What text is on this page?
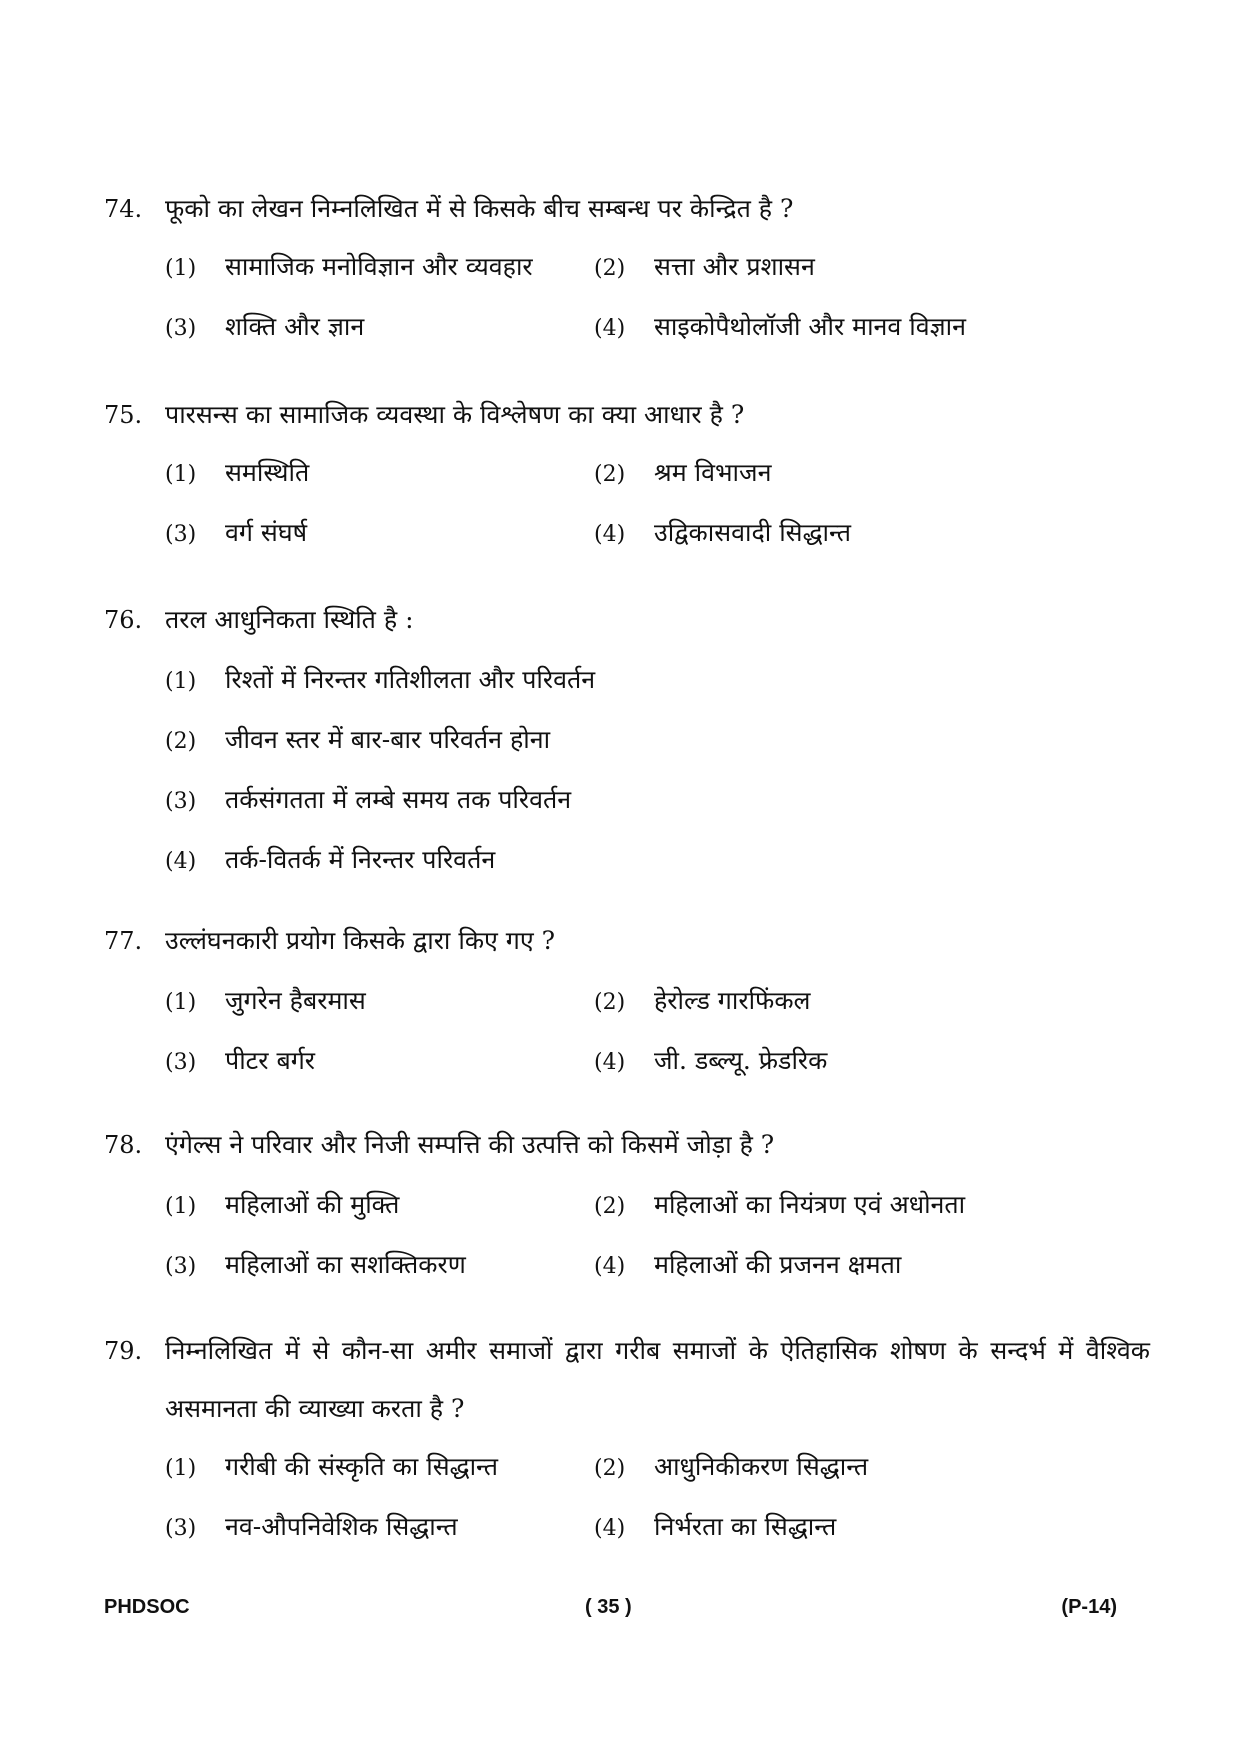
74. फूको का लेखन निम्नलिखित में से किसके बीच सम्बन्ध पर केन्द्रित है ?
(1) सामाजिक मनोविज्ञान और व्यवहार	(2) सत्ता और प्रशासन
(3) शक्ति और ज्ञान	(4) साइकोपैथोलॉजी और मानव विज्ञान
75. पारसन्स का सामाजिक व्यवस्था के विश्लेषण का क्या आधार है ?
(1) समस्थिति	(2) श्रम विभाजन
(3) वर्ग संघर्ष	(4) उद्विकासवादी सिद्धान्त
76. तरल आधुनिकता स्थिति है :
(1) रिश्तों में निरन्तर गतिशीलता और परिवर्तन
(2) जीवन स्तर में बार-बार परिवर्तन होना
(3) तर्कसंगतता में लम्बे समय तक परिवर्तन
(4) तर्क-वितर्क में निरन्तर परिवर्तन
77. उल्लंघनकारी प्रयोग किसके द्वारा किए गए ?
(1) जुगरेन हैबरमास	(2) हेरोल्ड गारफिंकल
(3) पीटर बर्गर	(4) जी. डब्ल्यू. फ्रेडरिक
78. एंगेल्स ने परिवार और निजी सम्पत्ति की उत्पत्ति को किसमें जोड़ा है ?
(1) महिलाओं की मुक्ति	(2) महिलाओं का नियंत्रण एवं अधोनता
(3) महिलाओं का सशक्तिकरण	(4) महिलाओं की प्रजनन क्षमता
79. निम्नलिखित में से कौन-सा अमीर समाजों द्वारा गरीब समाजों के ऐतिहासिक शोषण के सन्दर्भ में वैश्विक असमानता की व्याख्या करता है ?
(1) गरीबी की संस्कृति का सिद्धान्त	(2) आधुनिकीकरण सिद्धान्त
(3) नव-औपनिवेशिक सिद्धान्त	(4) निर्भरता का सिद्धान्त
PHDSOC	( 35 )	(P-14)
